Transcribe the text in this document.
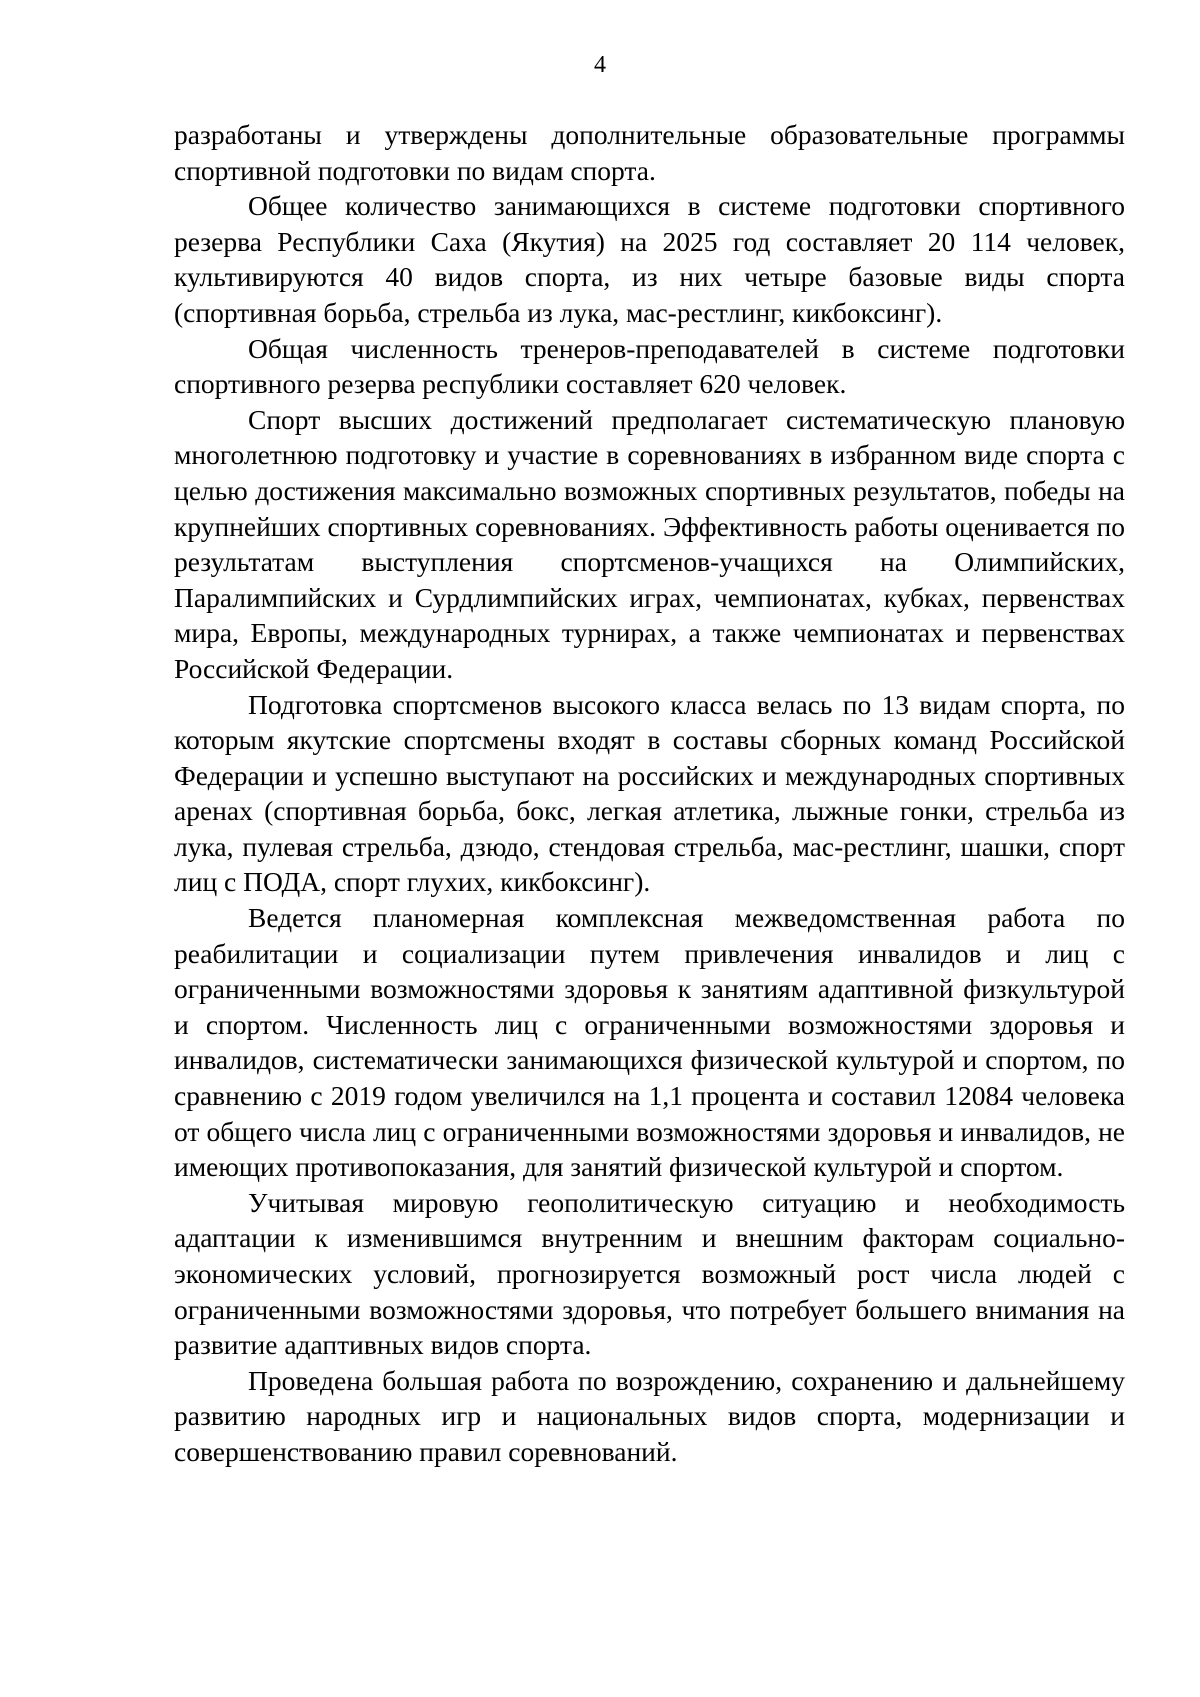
4

разработаны и утверждены дополнительные образовательные программы спортивной подготовки по видам спорта.

Общее количество занимающихся в системе подготовки спортивного резерва Республики Саха (Якутия) на 2025 год составляет 20 114 человек, культивируются 40 видов спорта, из них четыре базовые виды спорта (спортивная борьба, стрельба из лука, мас-рестлинг, кикбоксинг).

Общая численность тренеров-преподавателей в системе подготовки спортивного резерва республики составляет 620 человек.

Спорт высших достижений предполагает систематическую плановую многолетнюю подготовку и участие в соревнованиях в избранном виде спорта с целью достижения максимально возможных спортивных результатов, победы на крупнейших спортивных соревнованиях. Эффективность работы оценивается по результатам выступления спортсменов-учащихся на Олимпийских, Паралимпийских и Сурдлимпийских играх, чемпионатах, кубках, первенствах мира, Европы, международных турнирах, а также чемпионатах и первенствах Российской Федерации.

Подготовка спортсменов высокого класса велась по 13 видам спорта, по которым якутские спортсмены входят в составы сборных команд Российской Федерации и успешно выступают на российских и международных спортивных аренах (спортивная борьба, бокс, легкая атлетика, лыжные гонки, стрельба из лука, пулевая стрельба, дзюдо, стендовая стрельба, мас-рестлинг, шашки, спорт лиц с ПОДА, спорт глухих, кикбоксинг).

Ведется планомерная комплексная межведомственная работа по реабилитации и социализации путем привлечения инвалидов и лиц с ограниченными возможностями здоровья к занятиям адаптивной физкультурой и спортом. Численность лиц с ограниченными возможностями здоровья и инвалидов, систематически занимающихся физической культурой и спортом, по сравнению с 2019 годом увеличился на 1,1 процента и составил 12084 человека от общего числа лиц с ограниченными возможностями здоровья и инвалидов, не имеющих противопоказания, для занятий физической культурой и спортом.

Учитывая мировую геополитическую ситуацию и необходимость адаптации к изменившимся внутренним и внешним факторам социально-экономических условий, прогнозируется возможный рост числа людей с ограниченными возможностями здоровья, что потребует большего внимания на развитие адаптивных видов спорта.

Проведена большая работа по возрождению, сохранению и дальнейшему развитию народных игр и национальных видов спорта, модернизации и совершенствованию правил соревнований.
